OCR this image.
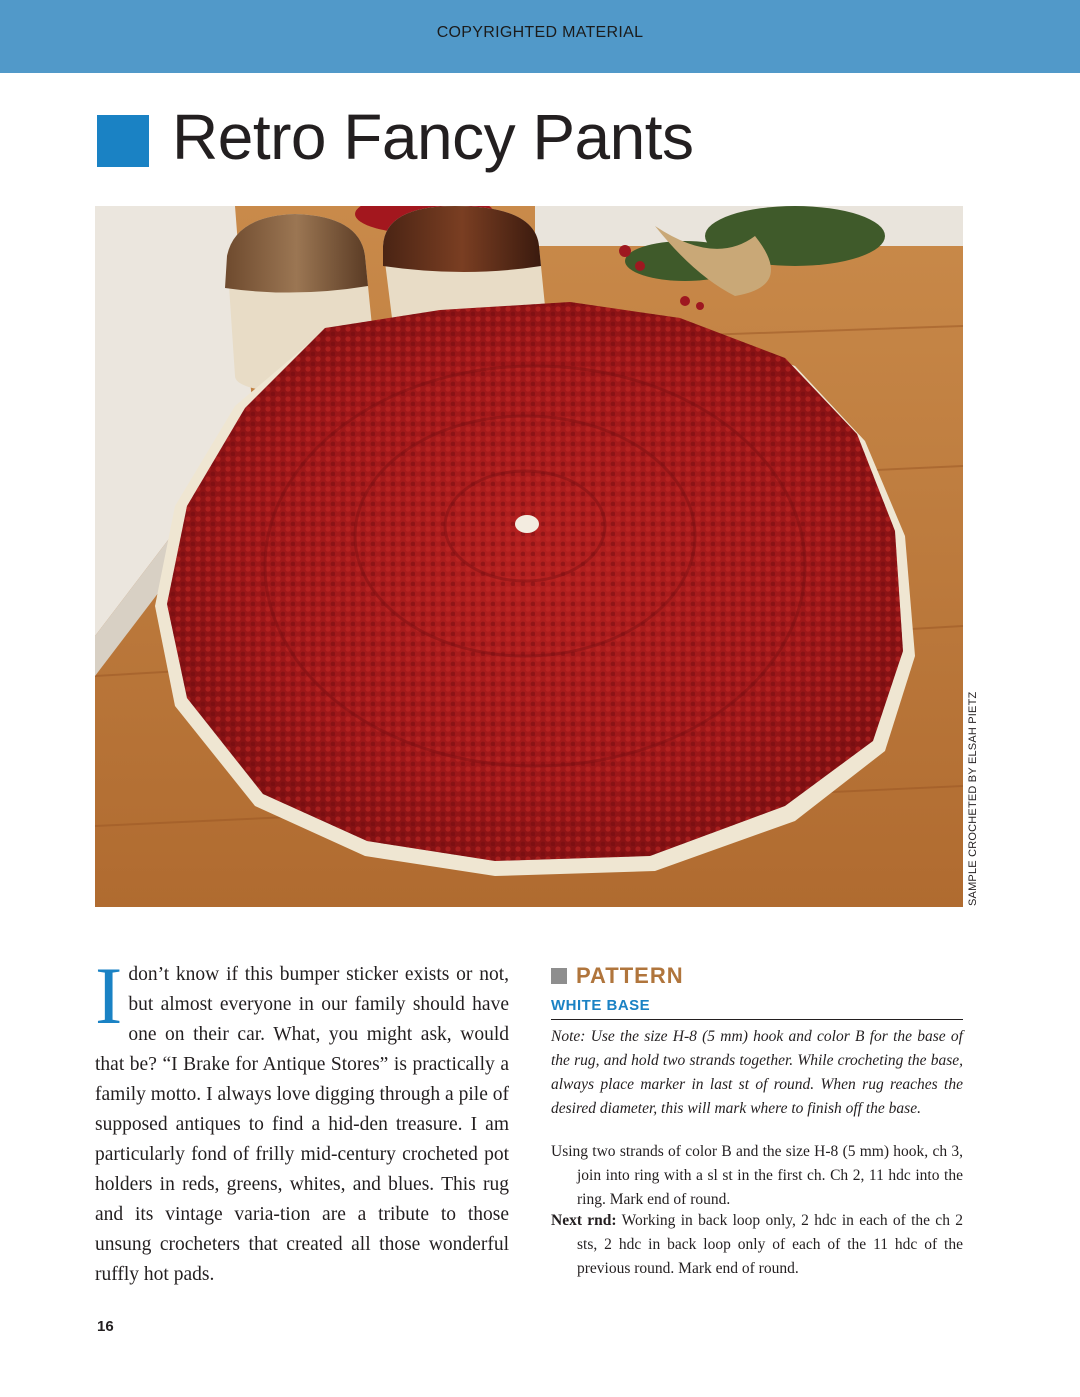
COPYRIGHTED MATERIAL
Retro Fancy Pants
SAMPLE CROCHETED BY ELSAH PIETZ

Idon’t know if this bumper sticker exists or not, but almost everyone in our family should have one on their car. What, you might ask, would that be? “I Brake for Antique Stores” is practically a family motto. I always love digging through a pile of supposed antiques to find a hid-den treasure. I am particularly fond of frilly mid-century crocheted pot holders in reds, greens, whites, and blues. This rug and its vintage varia-tion are a tribute to those unsung crocheters that created all those wonderful ruffly hot pads.

PATTERN
WHITE BASE

Note: Use the size H-8 (5 mm) hook and color B for the base of the rug, and hold two strands together. While crocheting the base, always place marker in last st of round. When rug reaches the desired diameter, this will mark where to finish off the base.

Using two strands of color B and the size H-8 (5 mm) hook, ch 3, join into ring with a sl st in the first ch. Ch 2, 11 hdc into the ring. Mark end of round.

Next rnd: Working in back loop only, 2 hdc in each of the ch 2 sts, 2 hdc in back loop only of each of the 11 hdc of the previous round. Mark end of round.

16
